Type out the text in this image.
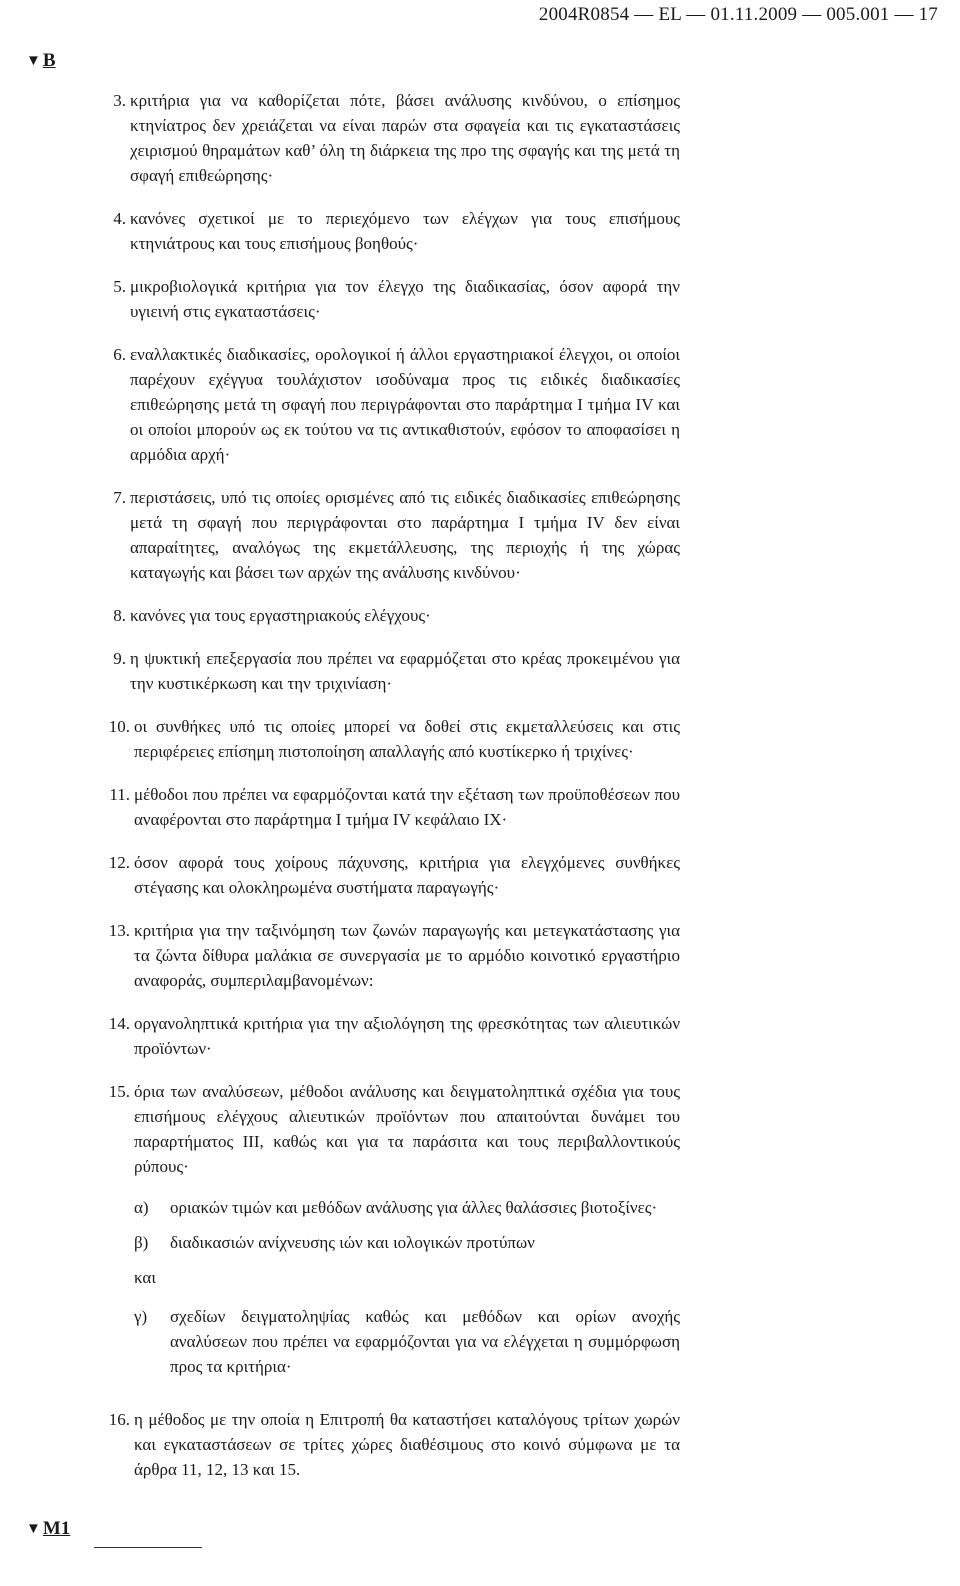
2004R0854 — EL — 01.11.2009 — 005.001 — 17
▼ B
3. κριτήρια για να καθορίζεται πότε, βάσει ανάλυσης κινδύνου, ο επίσημος κτηνίατρος δεν χρειάζεται να είναι παρών στα σφαγεία και τις εγκαταστάσεις χειρισμού θηραμάτων καθ’ όλη τη διάρκεια της προ της σφαγής και της μετά τη σφαγή επιθεώρησης·
4. κανόνες σχετικοί με το περιεχόμενο των ελέγχων για τους επισήμους κτηνιάτρους και τους επισήμους βοηθούς·
5. μικροβιολογικά κριτήρια για τον έλεγχο της διαδικασίας, όσον αφορά την υγιεινή στις εγκαταστάσεις·
6. εναλλακτικές διαδικασίες, ορολογικοί ή άλλοι εργαστηριακοί έλεγχοι, οι οποίοι παρέχουν εχέγγυα τουλάχιστον ισοδύναμα προς τις ειδικές διαδικασίες επιθεώρησης μετά τη σφαγή που περιγράφονται στο παράρτημα I τμήμα IV και οι οποίοι μπορούν ως εκ τούτου να τις αντικαθιστούν, εφόσον το αποφασίσει η αρμόδια αρχή·
7. περιστάσεις, υπό τις οποίες ορισμένες από τις ειδικές διαδικασίες επιθεώρησης μετά τη σφαγή που περιγράφονται στο παράρτημα I τμήμα IV δεν είναι απαραίτητες, αναλόγως της εκμετάλλευσης, της περιοχής ή της χώρας καταγωγής και βάσει των αρχών της ανάλυσης κινδύνου·
8. κανόνες για τους εργαστηριακούς ελέγχους·
9. η ψυκτική επεξεργασία που πρέπει να εφαρμόζεται στο κρέας προκειμένου για την κυστικέρκωση και την τριχινίαση·
10. οι συνθήκες υπό τις οποίες μπορεί να δοθεί στις εκμεταλλεύσεις και στις περιφέρειες επίσημη πιστοποίηση απαλλαγής από κυστίκερκο ή τριχίνες·
11. μέθοδοι που πρέπει να εφαρμόζονται κατά την εξέταση των προϋποθέσεων που αναφέρονται στο παράρτημα I τμήμα IV κεφάλαιο IX·
12. όσον αφορά τους χοίρους πάχυνσης, κριτήρια για ελεγχόμενες συνθήκες στέγασης και ολοκληρωμένα συστήματα παραγωγής·
13. κριτήρια για την ταξινόμηση των ζωνών παραγωγής και μετεγκατάστασης για τα ζώντα δίθυρα μαλάκια σε συνεργασία με το αρμόδιο κοινοτικό εργαστήριο αναφοράς, συμπεριλαμβανομένων:
14. οργανοληπτικά κριτήρια για την αξιολόγηση της φρεσκότητας των αλιευτικών προϊόντων·
15. όρια των αναλύσεων, μέθοδοι ανάλυσης και δειγματοληπτικά σχέδια για τους επισήμους ελέγχους αλιευτικών προϊόντων που απαιτούνται δυνάμει του παραρτήματος III, καθώς και για τα παράσιτα και τους περιβαλλοντικούς ρύπους·
α)	οριακών τιμών και μεθόδων ανάλυσης για άλλες θαλάσσιες βιοτοξίνες·
β)	διαδικασιών ανίχνευσης ιών και ιολογικών προτύπων
και
γ)	σχεδίων δειγματοληψίας καθώς και μεθόδων και ορίων ανοχής αναλύσεων που πρέπει να εφαρμόζονται για να ελέγχεται η συμμόρφωση προς τα κριτήρια·
16. η μέθοδος με την οποία η Επιτροπή θα καταστήσει καταλόγους τρίτων χωρών και εγκαταστάσεων σε τρίτες χώρες διαθέσιμους στο κοινό σύμφωνα με τα άρθρα 11, 12, 13 και 15.
▼ M1
